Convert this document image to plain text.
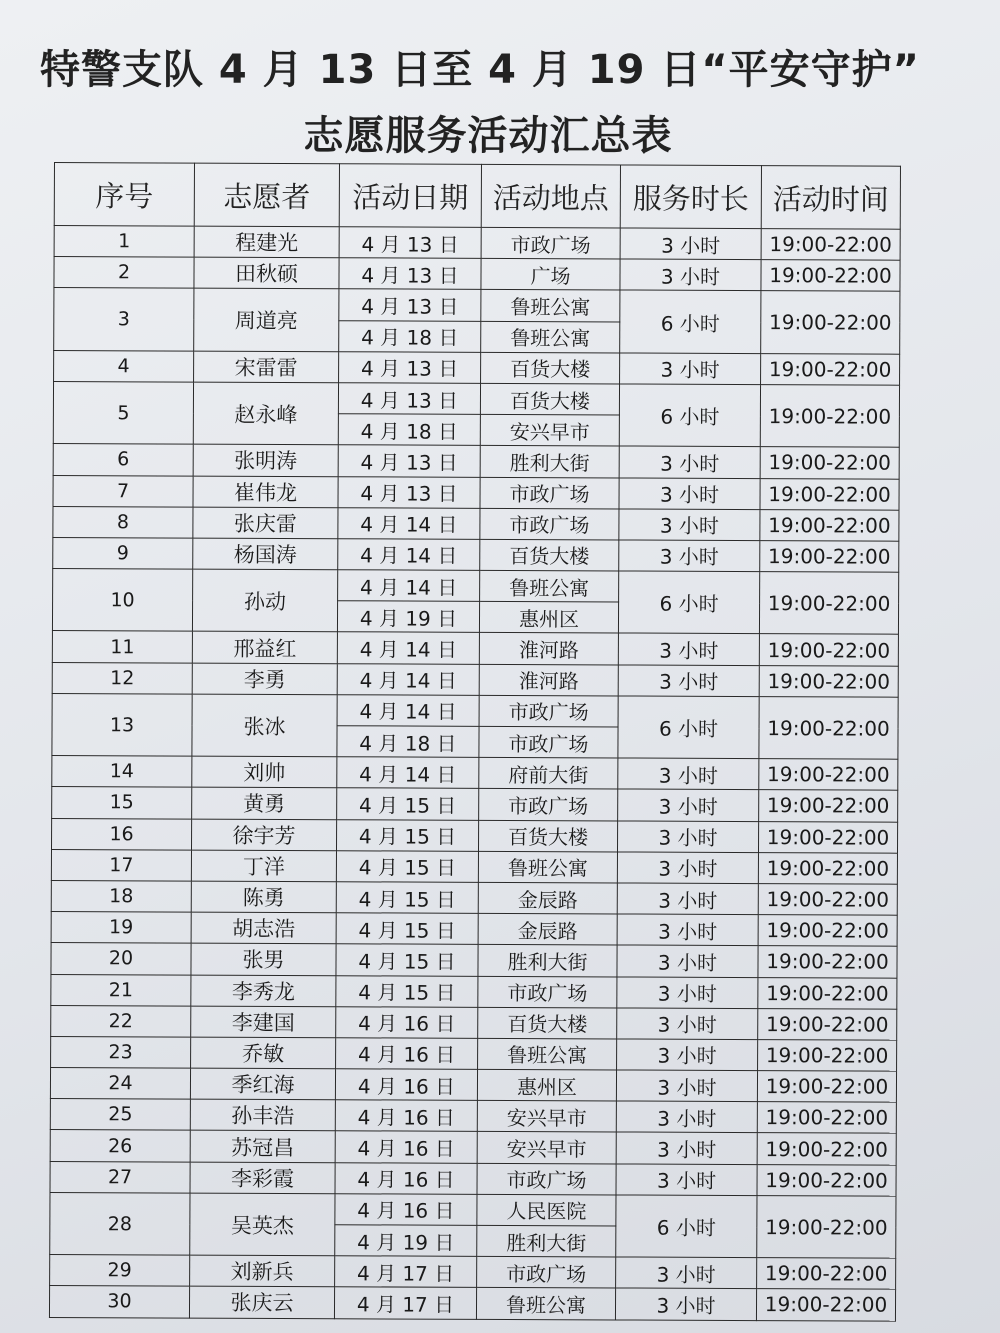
特警支队 4 月 13 日至 4 月 19 日“平安守护”
志愿服务活动汇总表
序号	志愿者	活动日期	活动地点	服务时长	活动时间
1	程建光	4 月 13 日	市政广场	3 小时	19:00-22:00
2	田秋硕	4 月 13 日	广场	3 小时	19:00-22:00
3	周道亮	4 月 13 日	鲁班公寓	6 小时	19:00-22:00
		4 月 18 日	鲁班公寓		
4	宋雷雷	4 月 13 日	百货大楼	3 小时	19:00-22:00
5	赵永峰	4 月 13 日	百货大楼	6 小时	19:00-22:00
		4 月 18 日	安兴早市		
6	张明涛	4 月 13 日	胜利大街	3 小时	19:00-22:00
7	崔伟龙	4 月 13 日	市政广场	3 小时	19:00-22:00
8	张庆雷	4 月 14 日	市政广场	3 小时	19:00-22:00
9	杨国涛	4 月 14 日	百货大楼	3 小时	19:00-22:00
10	孙动	4 月 14 日	鲁班公寓	6 小时	19:00-22:00
		4 月 19 日	惠州区		
11	邢益红	4 月 14 日	淮河路	3 小时	19:00-22:00
12	李勇	4 月 14 日	淮河路	3 小时	19:00-22:00
13	张冰	4 月 14 日	市政广场	6 小时	19:00-22:00
		4 月 18 日	市政广场		
14	刘帅	4 月 14 日	府前大街	3 小时	19:00-22:00
15	黄勇	4 月 15 日	市政广场	3 小时	19:00-22:00
16	徐宇芳	4 月 15 日	百货大楼	3 小时	19:00-22:00
17	丁洋	4 月 15 日	鲁班公寓	3 小时	19:00-22:00
18	陈勇	4 月 15 日	金辰路	3 小时	19:00-22:00
19	胡志浩	4 月 15 日	金辰路	3 小时	19:00-22:00
20	张男	4 月 15 日	胜利大街	3 小时	19:00-22:00
21	李秀龙	4 月 15 日	市政广场	3 小时	19:00-22:00
22	李建国	4 月 16 日	百货大楼	3 小时	19:00-22:00
23	乔敏	4 月 16 日	鲁班公寓	3 小时	19:00-22:00
24	季红海	4 月 16 日	惠州区	3 小时	19:00-22:00
25	孙丰浩	4 月 16 日	安兴早市	3 小时	19:00-22:00
26	苏冠昌	4 月 16 日	安兴早市	3 小时	19:00-22:00
27	李彩霞	4 月 16 日	市政广场	3 小时	19:00-22:00
28	吴英杰	4 月 16 日	人民医院	6 小时	19:00-22:00
		4 月 19 日	胜利大街		
29	刘新兵	4 月 17 日	市政广场	3 小时	19:00-22:00
30	张庆云	4 月 17 日	鲁班公寓	3 小时	19:00-22:00
